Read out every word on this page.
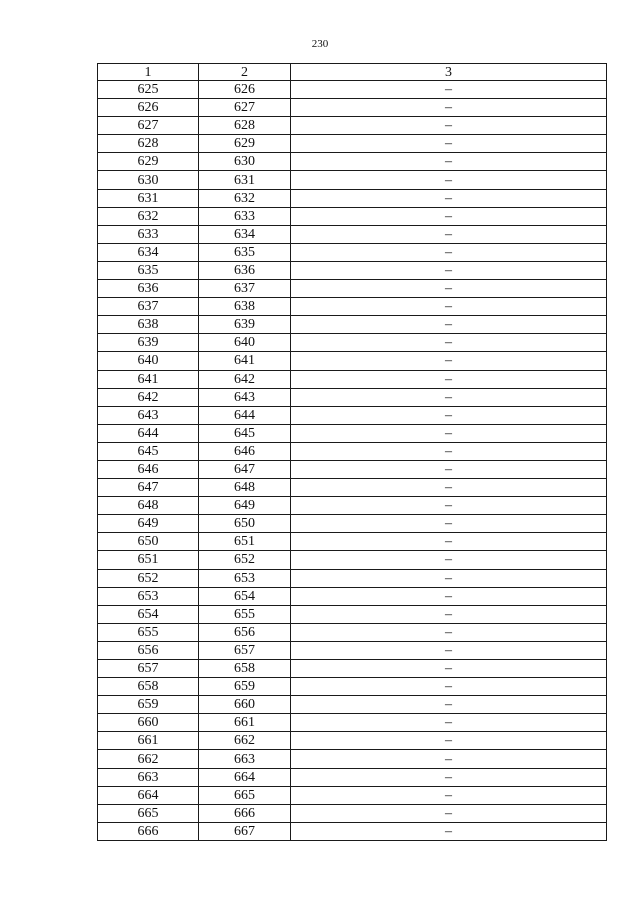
230
1	2	3
625	626	–
626	627	–
627	628	–
628	629	–
629	630	–
630	631	–
631	632	–
632	633	–
633	634	–
634	635	–
635	636	–
636	637	–
637	638	–
638	639	–
639	640	–
640	641	–
641	642	–
642	643	–
643	644	–
644	645	–
645	646	–
646	647	–
647	648	–
648	649	–
649	650	–
650	651	–
651	652	–
652	653	–
653	654	–
654	655	–
655	656	–
656	657	–
657	658	–
658	659	–
659	660	–
660	661	–
661	662	–
662	663	–
663	664	–
664	665	–
665	666	–
666	667	–
